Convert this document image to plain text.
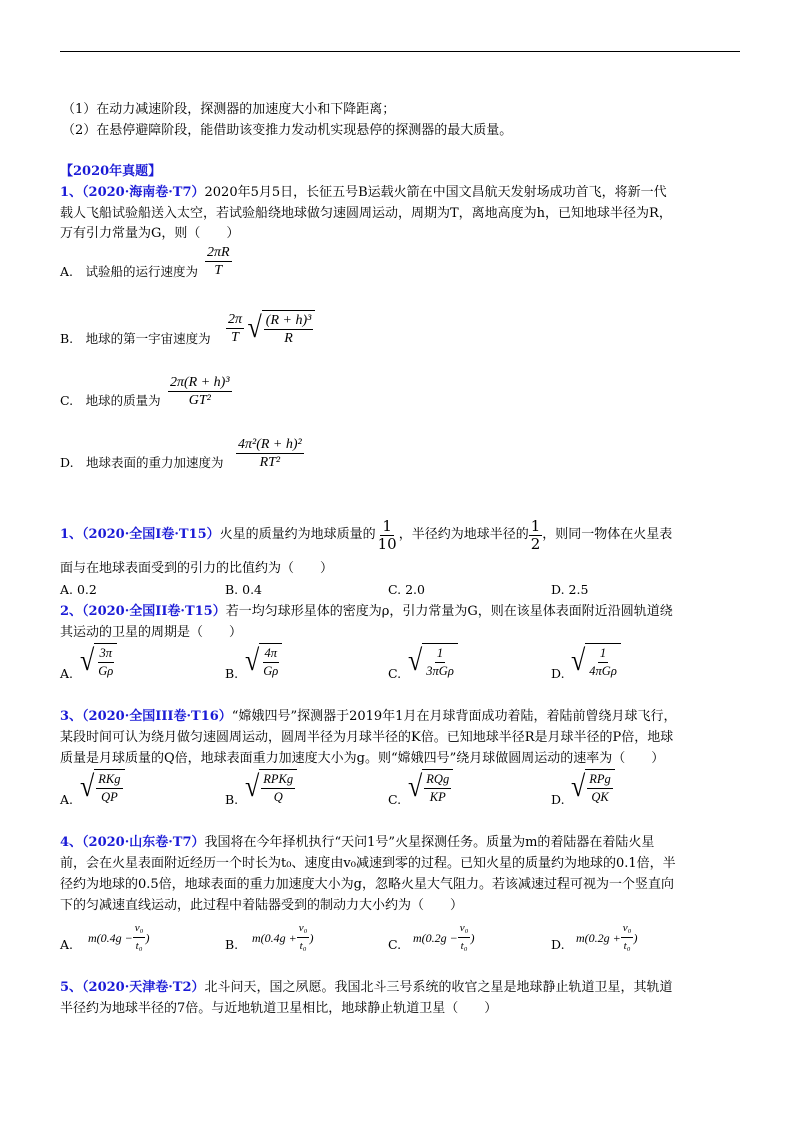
（1）在动力减速阶段，探测器的加速度大小和下降距离；
（2）在悬停避障阶段，能借助该变推力发动机实现悬停的探测器的最大质量。
【2020年真题】
1、（2020·海南卷·T7）2020年5月5日，长征五号B运载火箭在中国文昌航天发射场成功首飞，将新一代
载人飞船试验船送入太空，若试验船绕地球做匀速圆周运动，周期为T，离地高度为h，已知地球半径为R，
万有引力常量为G，则（　　）
A.　试验船的运行速度为 $\frac{2\pi R}{T}$
B.　地球的第一宇宙速度为 $\frac{2\pi}{T}$
√ $\frac{\text{(R + h)³}}{R}$
C.　地球的质量为 $\frac{\text{2π(R + h)³}}{\text{GT²}}$
D.　地球表面的重力加速度为 $\frac{\text{4π²(R + h)²}}{\text{RT²}}$
1、（2020·全国I卷·T15） 火星的质量约为地球质量的 $\frac{1}{10}$ ，半径约为地球半径的 $\frac{1}{2}$ ，则同一物体在火星表
面与在地球表面受到的引力的比值约为（　　）
A. 0.2	B. 0.4	C. 2.0	D. 2.5
2、（2020·全国II卷·T15）若一均匀球形星体的密度为ρ，引力常量为G，则在该星体表面附近沿圆轨道绕
其运动的卫星的周期是（　　）
A. √ $\frac{3\pi}{G\rho}$	B. √ $\frac{4\pi}{G\rho}$	C. √ $\frac{1}{\text{3πGρ}}$	D. √ $\frac{1}{\text{4πGρ}}$
3、（2020·全国III卷·T16）“嫦娥四号”探测器于2019年1月在月球背面成功着陆，着陆前曾绕月球飞行，
某段时间可认为绕月做匀速圆周运动，圆周半径为月球半径的K倍。已知地球半径R是月球半径的P倍，地球
质量是月球质量的Q倍，地球表面重力加速度大小为g。则“嫦娥四号”绕月球做圆周运动的速率为（　　）
A. √ $\frac{\text{RKg}}{QP}$	B. √ $\frac{\text{RPKg}}{Q}$	C. √ $\frac{\text{RQg}}{KP}$	D. √ $\frac{\text{RPg}}{QK}$
4、（2020·山东卷·T7）我国将在今年择机执行“天问1号”火星探测任务。质量为m的着陆器在着陆火星
前，会在火星表面附近经历一个时长为t₀、速度由v₀减速到零的过程。已知火星的质量约为地球的0.1倍，半
径约为地球的0.5倍，地球表面的重力加速度大小为g，忽略火星大气阻力。若该减速过程可视为一个竖直向
下的匀减速直线运动，此过程中着陆器受到的制动力大小约为（　　）
A. $m(0.4g - \frac{\text{v₀}}{\text{t₀}}$ )	B. $m(0.4g + \frac{\text{v₀}}{\text{t₀}}$ )	C. $m(0.2g - \frac{\text{v₀}}{\text{t₀}}$ )	D. $m(0.2g + \frac{\text{v₀}}{\text{t₀}}$ )
5、（2020·天津卷·T2）北斗问天，国之夙愿。我国北斗三号系统的收官之星是地球静止轨道卫星，其轨道
半径约为地球半径的7倍。与近地轨道卫星相比，地球静止轨道卫星（　　）
